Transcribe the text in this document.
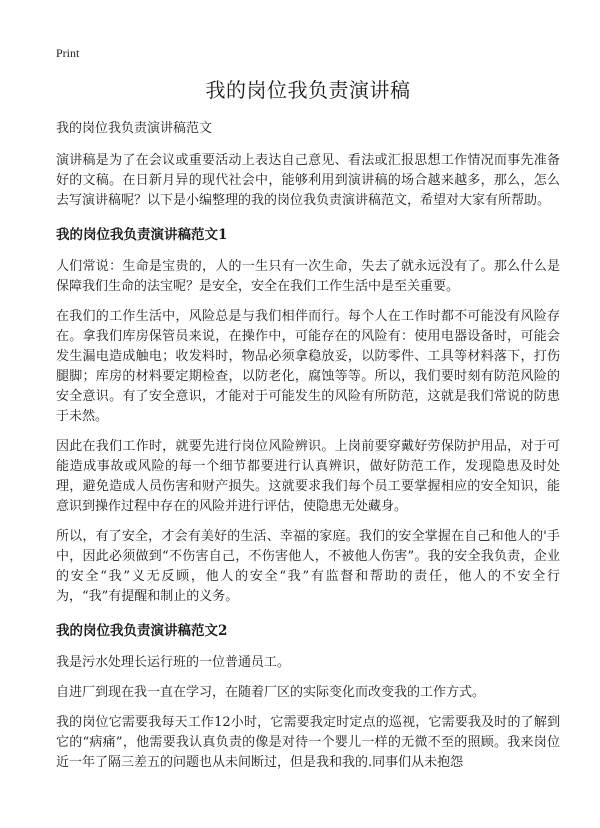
Print
我的岗位我负责演讲稿
我的岗位我负责演讲稿范文

演讲稿是为了在会议或重要活动上表达自己意见、看法或汇报思想工作情况而事先准备好的文稿。在日新月异的现代社会中，能够利用到演讲稿的场合越来越多，那么，怎么去写演讲稿呢？以下是小编整理的我的岗位我负责演讲稿范文，希望对大家有所帮助。

我的岗位我负责演讲稿范文1

人们常说：生命是宝贵的，人的一生只有一次生命，失去了就永远没有了。那么什么是保障我们生命的法宝呢？是安全，安全在我们工作生活中是至关重要。

在我们的工作生活中，风险总是与我们相伴而行。每个人在工作时都不可能没有风险存在。拿我们库房保管员来说，在操作中，可能存在的风险有：使用电器设备时，可能会发生漏电造成触电；收发料时，物品必须拿稳放妥，以防零件、工具等材料落下，打伤腿脚；库房的材料要定期检查，以防老化，腐蚀等等。所以，我们要时刻有防范风险的安全意识。有了安全意识，才能对于可能发生的风险有所防范，这就是我们常说的防患于未然。

因此在我们工作时，就要先进行岗位风险辨识。上岗前要穿戴好劳保防护用品，对于可能造成事故或风险的每一个细节都要进行认真辨识，做好防范工作，发现隐患及时处理，避免造成人员伤害和财产损失。这就要求我们每个员工要掌握相应的安全知识，能意识到操作过程中存在的风险并进行评估，使隐患无处藏身。

所以，有了安全，才会有美好的生活、幸福的家庭。我们的安全掌握在自己和他人的'手中，因此必须做到“不伤害自己，不伤害他人，不被他人伤害”。我的安全我负责，企业的安全“我”义无反顾，他人的安全“我”有监督和帮助的责任，他人的不安全行为，“我”有提醒和制止的义务。

我的岗位我负责演讲稿范文2

我是污水处理长运行班的一位普通员工。

自进厂到现在我一直在学习，在随着厂区的实际变化而改变我的工作方式。

我的岗位它需要我每天工作12小时，它需要我定时定点的巡视，它需要我及时的了解到它的“病痛”，他需要我认真负责的像是对待一个婴儿一样的无微不至的照顾。我来岗位近一年了隔三差五的问题也从未间断过，但是我和我的.同事们从未抱怨
